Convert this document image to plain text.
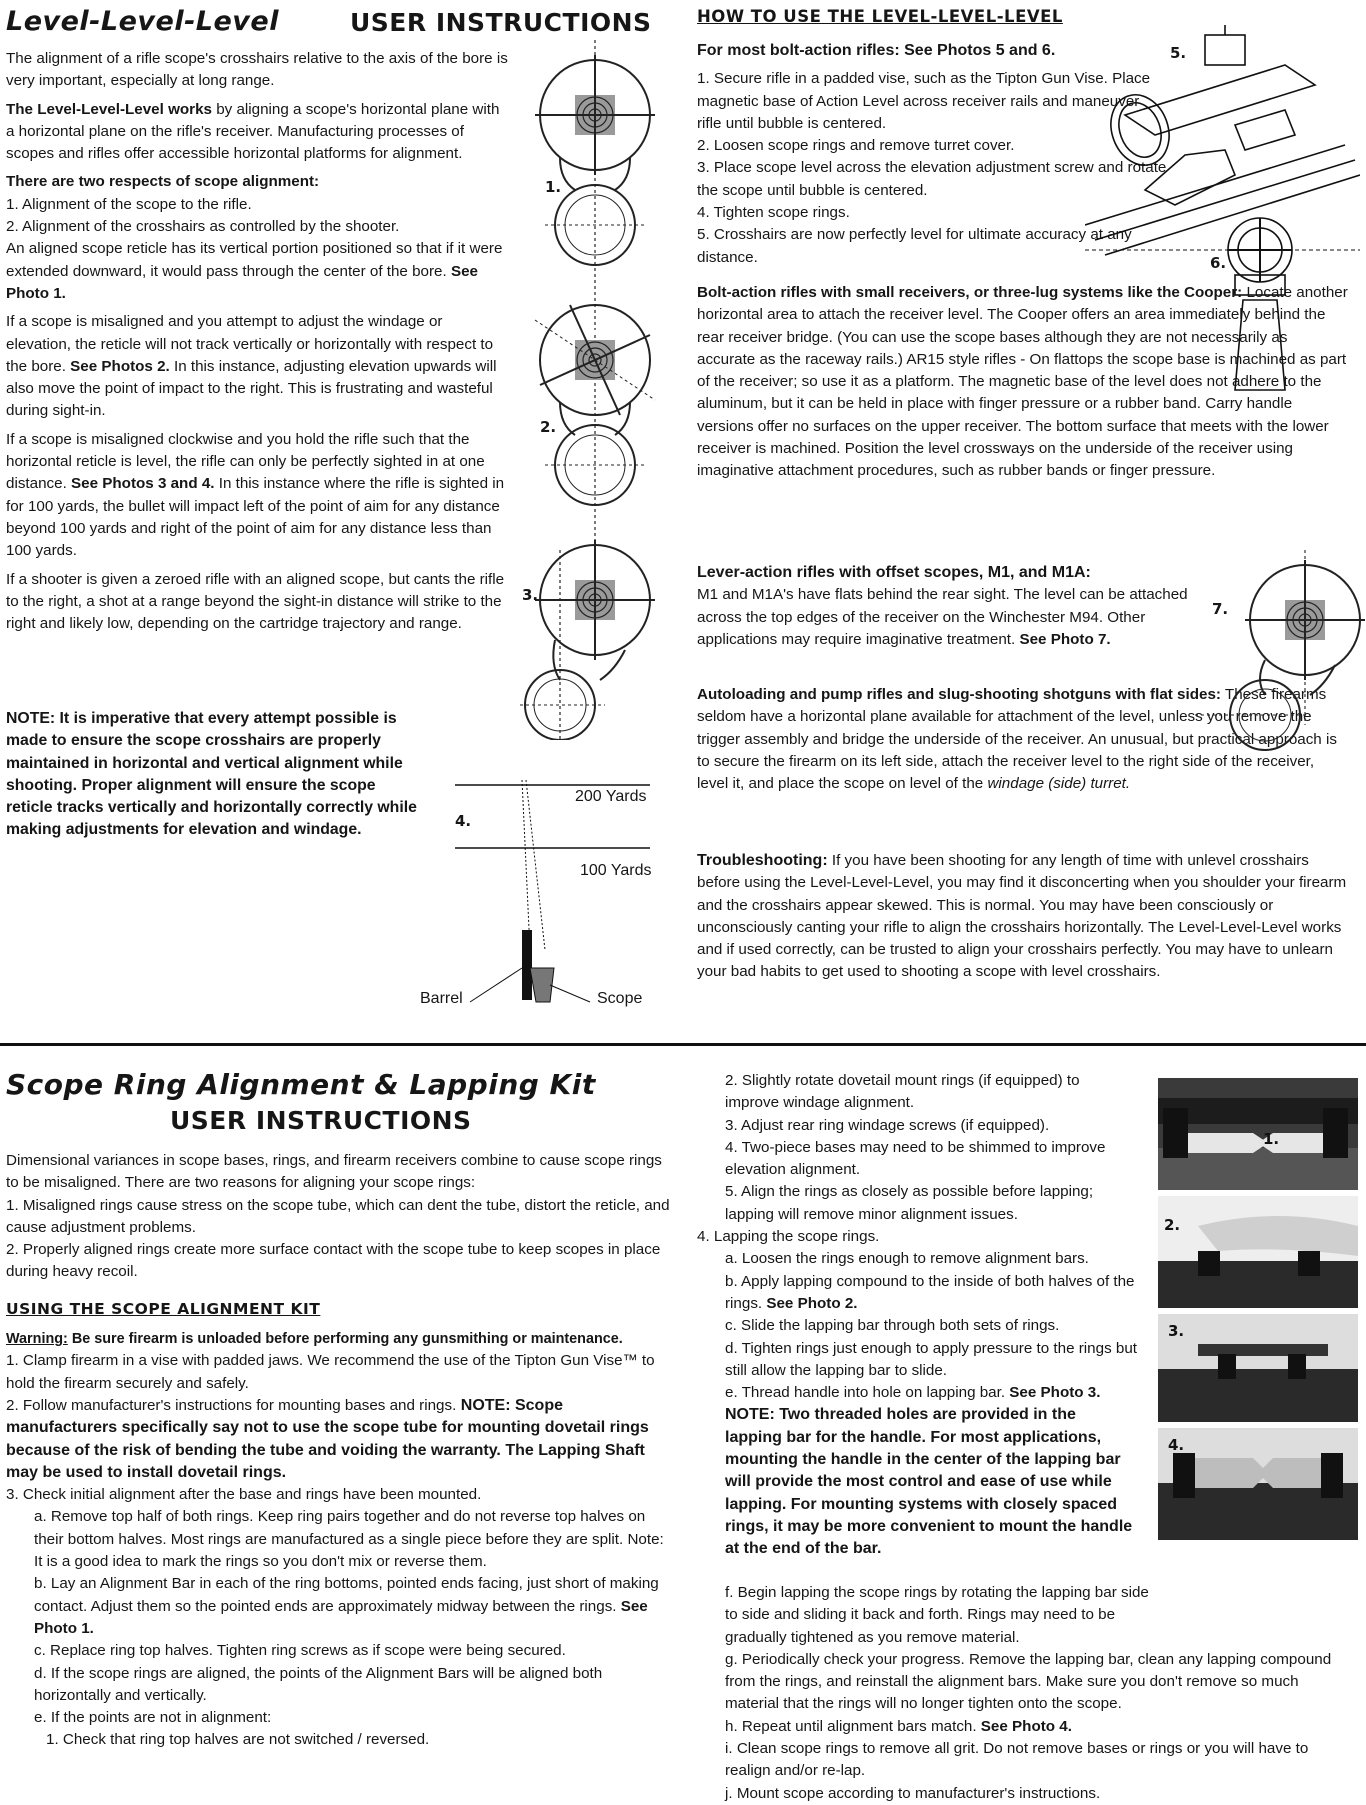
Level-Level-Level	USER INSTRUCTIONS

The alignment of a rifle scope's crosshairs relative to the axis of the bore is very important, especially at long range.

The Level-Level-Level works by aligning a scope's horizontal plane with a horizontal plane on the rifle's receiver. Manufacturing processes of scopes and rifles offer accessible horizontal platforms for alignment.

There are two respects of scope alignment:

1. Alignment of the scope to the rifle.

2. Alignment of the crosshairs as controlled by the shooter.

An aligned scope reticle has its vertical portion positioned so that if it were extended downward, it would pass through the center of the bore. See Photo 1.

If a scope is misaligned and you attempt to adjust the windage or elevation, the reticle will not track vertically or horizontally with respect to the bore. See Photos 2. In this instance, adjusting elevation upwards will also move the point of impact to the right. This is frustrating and wasteful during sight-in.

If a scope is misaligned clockwise and you hold the rifle such that the horizontal reticle is level, the rifle can only be perfectly sighted in at one distance. See Photos 3 and 4. In this instance where the rifle is sighted in for 100 yards, the bullet will impact left of the point of aim for any distance beyond 100 yards and right of the point of aim for any distance less than 100 yards.

If a shooter is given a zeroed rifle with an aligned scope, but cants the rifle to the right, a shot at a range beyond the sight-in distance will strike to the right and likely low, depending on the cartridge trajectory and range.

NOTE: It is imperative that every attempt possible is made to ensure the scope crosshairs are properly maintained in horizontal and vertical alignment while shooting. Proper alignment will ensure the scope reticle tracks vertically and horizontally correctly while making adjustments for elevation and windage.
1.
2.
3.
4.
200 Yards
100 Yards
Barrel	Scope
HOW TO USE THE LEVEL-LEVEL-LEVEL

For most bolt-action rifles: See Photos 5 and 6.

1. Secure rifle in a padded vise, such as the Tipton Gun Vise. Place magnetic base of Action Level across receiver rails and maneuver rifle until bubble is centered.

2. Loosen scope rings and remove turret cover.

3. Place scope level across the elevation adjustment screw and rotate the scope until bubble is centered.

4. Tighten scope rings.

5. Crosshairs are now perfectly level for ultimate accuracy at any distance.

Bolt-action rifles with small receivers, or three-lug systems like the Cooper: Locate another horizontal area to attach the receiver level. The Cooper offers an area immediately behind the rear receiver bridge. (You can use the scope bases although they are not necessarily as accurate as the raceway rails.) AR15 style rifles - On flattops the scope base is machined as part of the receiver; so use it as a platform. The magnetic base of the level does not adhere to the aluminum, but it can be held in place with finger pressure or a rubber band. Carry handle versions offer no surfaces on the upper receiver. The bottom surface that meets with the lower receiver is machined. Position the level crossways on the underside of the receiver using imaginative attachment procedures, such as rubber bands or finger pressure.

Lever-action rifles with offset scopes, M1, and M1A:

M1 and M1A's have flats behind the rear sight. The level can be attached across the top edges of the receiver on the Winchester M94. Other applications may require imaginative treatment. See Photo 7.

Autoloading and pump rifles and slug-shooting shotguns with flat sides: These firearms seldom have a horizontal plane available for attachment of the level, unless you remove the trigger assembly and bridge the underside of the receiver. An unusual, but practical approach is to secure the firearm on its left side, attach the receiver level to the right side of the receiver, level it, and place the scope on level of the windage (side) turret.

Troubleshooting: If you have been shooting for any length of time with unlevel crosshairs before using the Level-Level-Level, you may find it disconcerting when you shoulder your firearm and the crosshairs appear skewed. This is normal. You may have been consciously or unconsciously canting your rifle to align the crosshairs horizontally. The Level-Level-Level works and if used correctly, can be trusted to align your crosshairs perfectly. You may have to unlearn your bad habits to get used to shooting a scope with level crosshairs.

5.
6.
7.
Scope Ring Alignment & Lapping Kit
USER INSTRUCTIONS

Dimensional variances in scope bases, rings, and firearm receivers combine to cause scope rings to be misaligned. There are two reasons for aligning your scope rings:

1. Misaligned rings cause stress on the scope tube, which can dent the tube, distort the reticle, and cause adjustment problems.

2. Properly aligned rings create more surface contact with the scope tube to keep scopes in place during heavy recoil.

USING THE SCOPE ALIGNMENT KIT

Warning: Be sure firearm is unloaded before performing any gunsmithing or maintenance.

1. Clamp firearm in a vise with padded jaws. We recommend the use of the Tipton Gun Vise™ to hold the firearm securely and safely.

2. Follow manufacturer's instructions for mounting bases and rings. NOTE: Scope manufacturers specifically say not to use the scope tube for mounting dovetail rings because of the risk of bending the tube and voiding the warranty. The Lapping Shaft may be used to install dovetail rings.

3. Check initial alignment after the base and rings have been mounted.

a. Remove top half of both rings. Keep ring pairs together and do not reverse top halves on their bottom halves. Most rings are manufactured as a single piece before they are split. Note: It is a good idea to mark the rings so you don't mix or reverse them.

b. Lay an Alignment Bar in each of the ring bottoms, pointed ends facing, just short of making contact. Adjust them so the pointed ends are approximately midway between the rings. See Photo 1.

c. Replace ring top halves. Tighten ring screws as if scope were being secured.

d. If the scope rings are aligned, the points of the Alignment Bars will be aligned both horizontally and vertically.

e. If the points are not in alignment:

1. Check that ring top halves are not switched / reversed.

2. Slightly rotate dovetail mount rings (if equipped) to improve windage alignment.

3. Adjust rear ring windage screws (if equipped).

4. Two-piece bases may need to be shimmed to improve elevation alignment.

5. Align the rings as closely as possible before lapping; lapping will remove minor alignment issues.

4. Lapping the scope rings.

a. Loosen the rings enough to remove alignment bars.

b. Apply lapping compound to the inside of both halves of the rings. See Photo 2.

c. Slide the lapping bar through both sets of rings.

d. Tighten rings just enough to apply pressure to the rings but still allow the lapping bar to slide.

e. Thread handle into hole on lapping bar. See Photo 3.

NOTE: Two threaded holes are provided in the lapping bar for the handle. For most applications, mounting the handle in the center of the lapping bar will provide the most control and ease of use while lapping. For mounting systems with closely spaced rings, it may be more convenient to mount the handle at the end of the bar.

f. Begin lapping the scope rings by rotating the lapping bar side to side and sliding it back and forth. Rings may need to be gradually tightened as you remove material.

g. Periodically check your progress. Remove the lapping bar, clean any lapping compound from the rings, and reinstall the alignment bars. Make sure you don't remove so much material that the rings will no longer tighten onto the scope.

h. Repeat until alignment bars match. See Photo 4.

i. Clean scope rings to remove all grit. Do not remove bases or rings or you will have to realign and/or re-lap.

j. Mount scope according to manufacturer's instructions.

1.
2.
3.
4.
